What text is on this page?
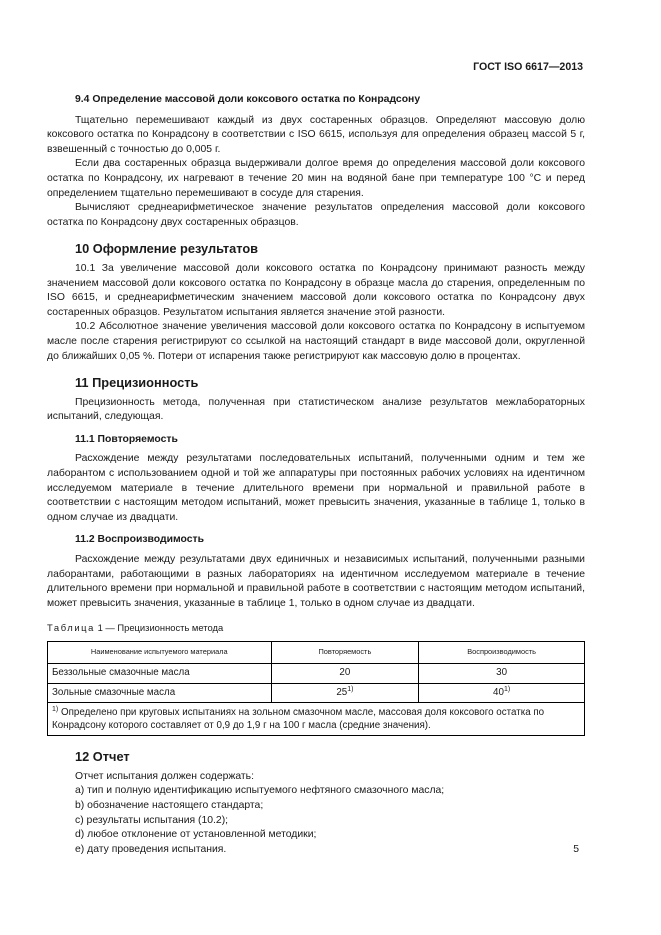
ГОСТ ISO 6617—2013
9.4 Определение массовой доли коксового остатка по Конрадсону

Тщательно перемешивают каждый из двух состаренных образцов. Определяют массовую долю коксового остатка по Конрадсону в соответствии с ISO 6615, используя для определения образец массой 5 г, взвешенный с точностью до 0,005 г.

Если два состаренных образца выдерживали долгое время до определения массовой доли коксового остатка по Конрадсону, их нагревают в течение 20 мин на водяной бане при температуре 100 °С и перед определением тщательно перемешивают в сосуде для старения.

Вычисляют среднеарифметическое значение результатов определения массовой доли коксового остатка по Конрадсону двух состаренных образцов.

10 Оформление результатов

10.1 За увеличение массовой доли коксового остатка по Конрадсону принимают разность между значением массовой доли коксового остатка по Конрадсону в образце масла до старения, определенным по ISO 6615, и среднеарифметическим значением массовой доли коксового остатка по Конрадсону двух состаренных образцов. Результатом испытания является значение этой разности.

10.2 Абсолютное значение увеличения массовой доли коксового остатка по Конрадсону в испытуемом масле после старения регистрируют со ссылкой на настоящий стандарт в виде массовой доли, округленной до ближайших 0,05 %. Потери от испарения также регистрируют как массовую долю в процентах.

11 Прецизионность

Прецизионность метода, полученная при статистическом анализе результатов межлабораторных испытаний, следующая.

11.1 Повторяемость

Расхождение между результатами последовательных испытаний, полученными одним и тем же лаборантом с использованием одной и той же аппаратуры при постоянных рабочих условиях на идентичном исследуемом материале в течение длительного времени при нормальной и правильной работе в соответствии с настоящим методом испытаний, может превысить значения, указанные в таблице 1, только в одном случае из двадцати.

11.2 Воспроизводимость

Расхождение между результатами двух единичных и независимых испытаний, полученными разными лаборантами, работающими в разных лабораториях на идентичном исследуемом материале в течение длительного времени при нормальной и правильной работе в соответствии с настоящим методом испытаний, может превысить значения, указанные в таблице 1, только в одном случае из двадцати.

Таблица 1 — Прецизионность метода
Наименование испытуемого материала	Повторяемость	Воспроизводимость
Беззольные смазочные масла	20	30
Зольные смазочные масла	25$^{1)}$	40$^{1)}$
$^{1)}$ Определено при круговых испытаниях на зольном смазочном масле, массовая доля коксового остатка по Конрадсону которого составляет от 0,9 до 1,9 г на 100 г масла (средние значения).		
12 Отчет

Отчет испытания должен содержать:

а) тип и полную идентификацию испытуемого нефтяного смазочного масла;

b) обозначение настоящего стандарта;

c) результаты испытания (10.2);

d) любое отклонение от установленной методики;

е) дату проведения испытания.	5
